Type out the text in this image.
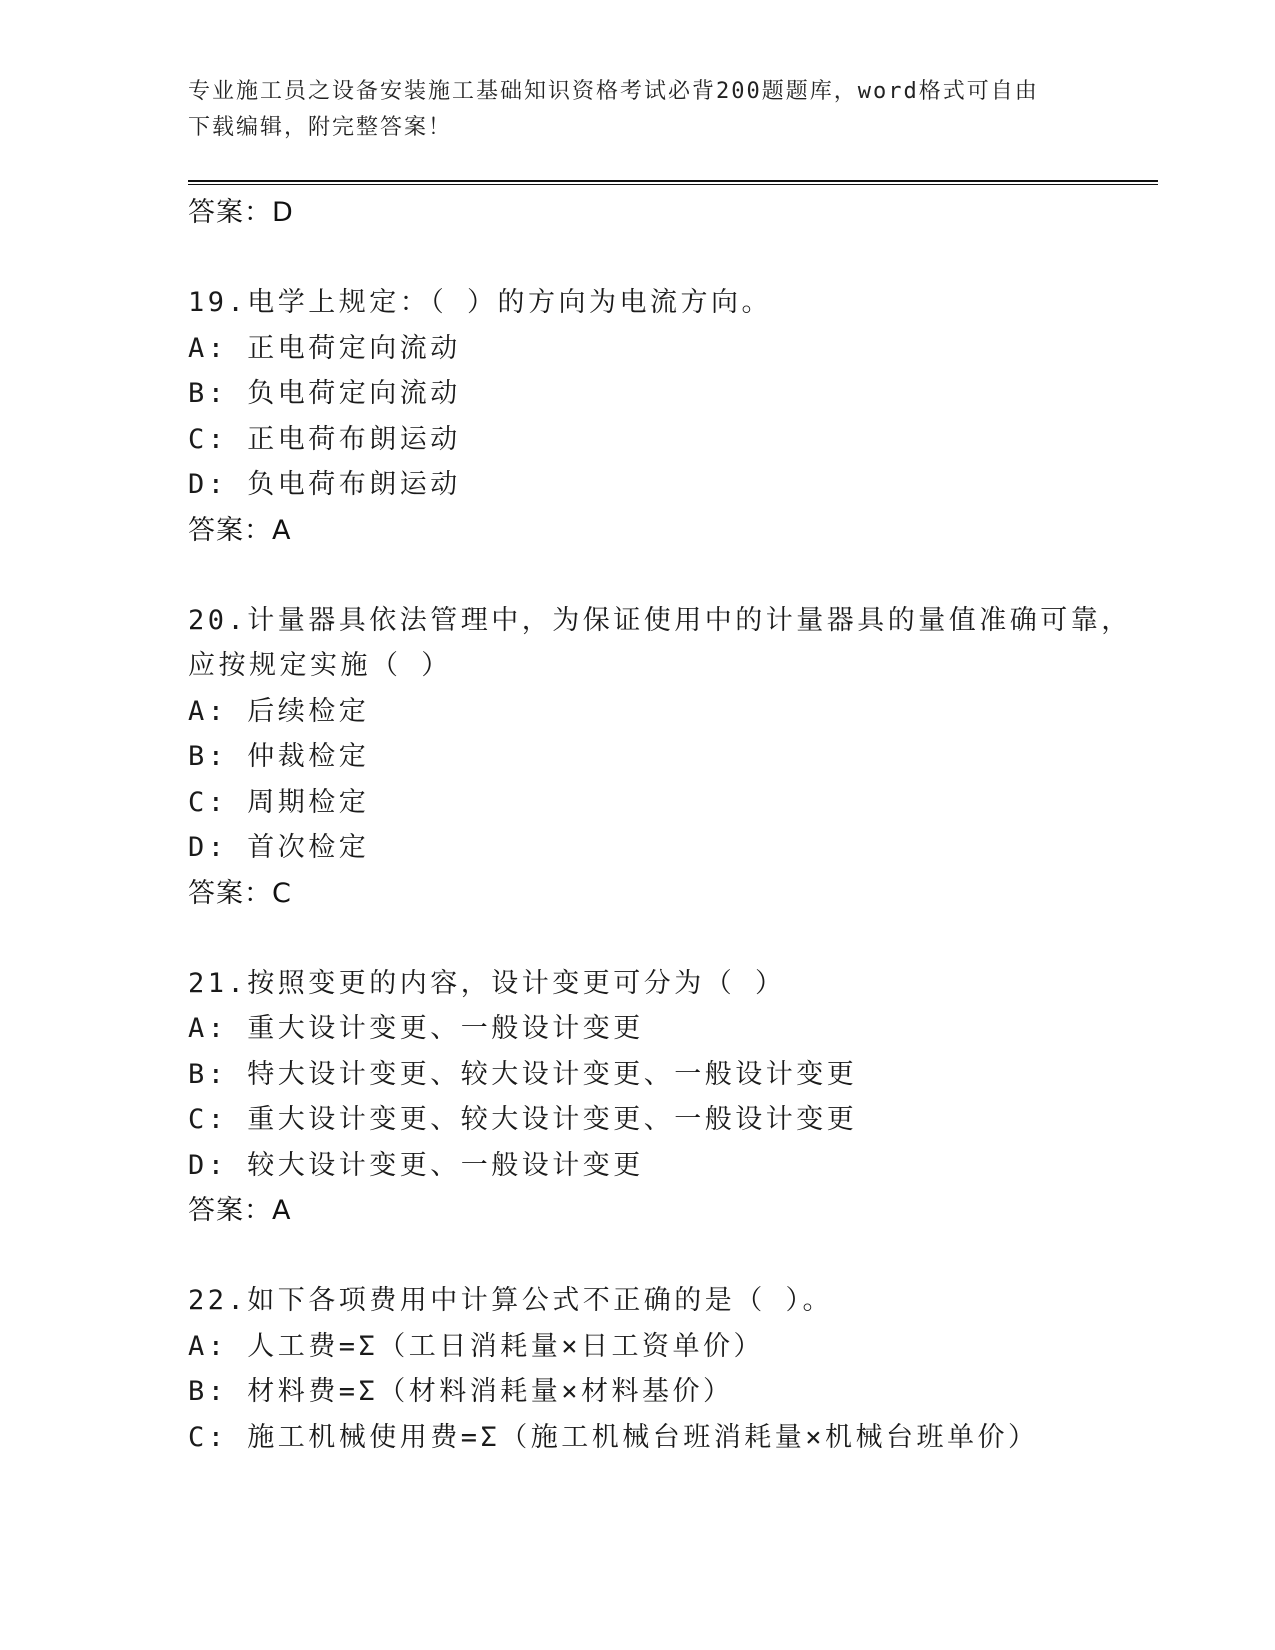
专业施工员之设备安装施工基础知识资格考试必背200题题库，word格式可自由
下载编辑，附完整答案！
答案：D
19.电学上规定：（ ）的方向为电流方向。
A: 正电荷定向流动
B: 负电荷定向流动
C: 正电荷布朗运动
D: 负电荷布朗运动
答案：A
20.计量器具依法管理中，为保证使用中的计量器具的量值准确可靠，
应按规定实施（ ）
A: 后续检定
B: 仲裁检定
C: 周期检定
D: 首次检定
答案：C
21.按照变更的内容，设计变更可分为（ ）
A: 重大设计变更、一般设计变更
B: 特大设计变更、较大设计变更、一般设计变更
C: 重大设计变更、较大设计变更、一般设计变更
D: 较大设计变更、一般设计变更
答案：A
22.如下各项费用中计算公式不正确的是（ ）。
A: 人工费=Σ（工日消耗量×日工资单价）
B: 材料费=Σ（材料消耗量×材料基价）
C: 施工机械使用费=Σ（施工机械台班消耗量×机械台班单价）
